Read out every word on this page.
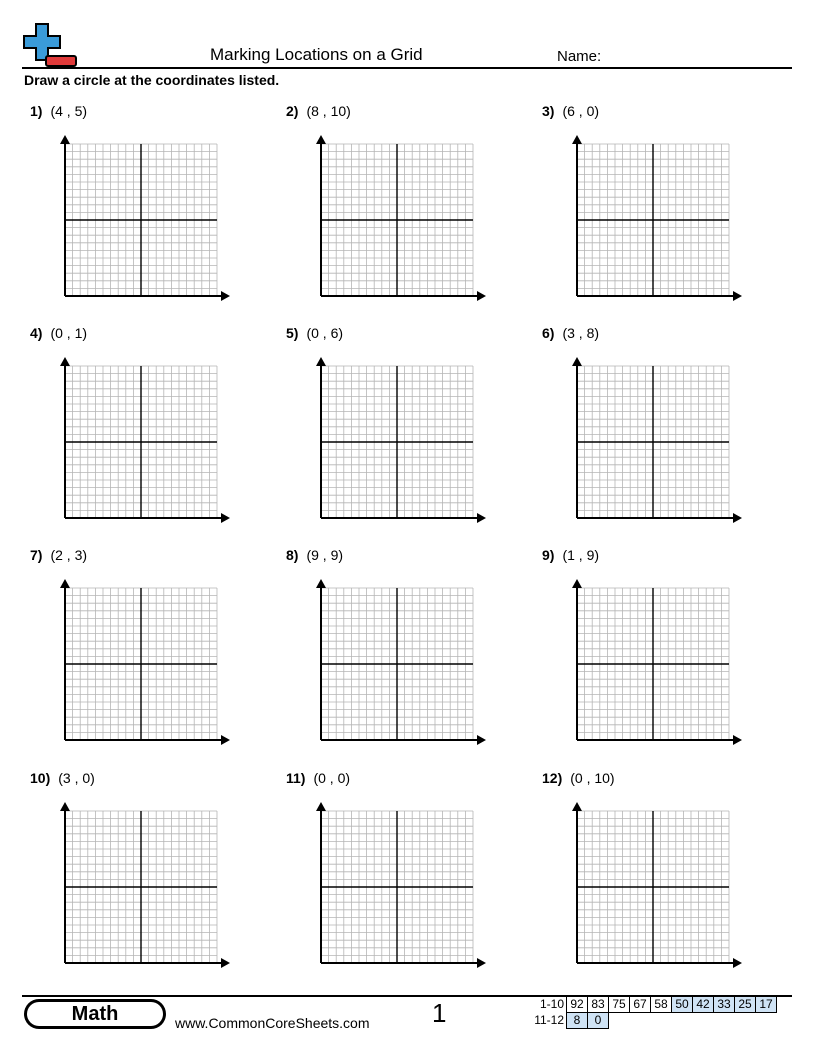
Marking Locations on a Grid	Name:
Draw a circle at the coordinates listed.
1) (4 , 5)	2) (8 , 10)	3) (6 , 0)
4) (0 , 1)	5) (0 , 6)	6) (3 , 8)
7) (2 , 3)	8) (9 , 9)	9) (1 , 9)
10) (3 , 0)	11) (0 , 0)	12) (0 , 10)
Math	www.CommonCoreSheets.com 1	1-10 92 83 75 67 58 50 42 33 25 17
11-12 8	0
